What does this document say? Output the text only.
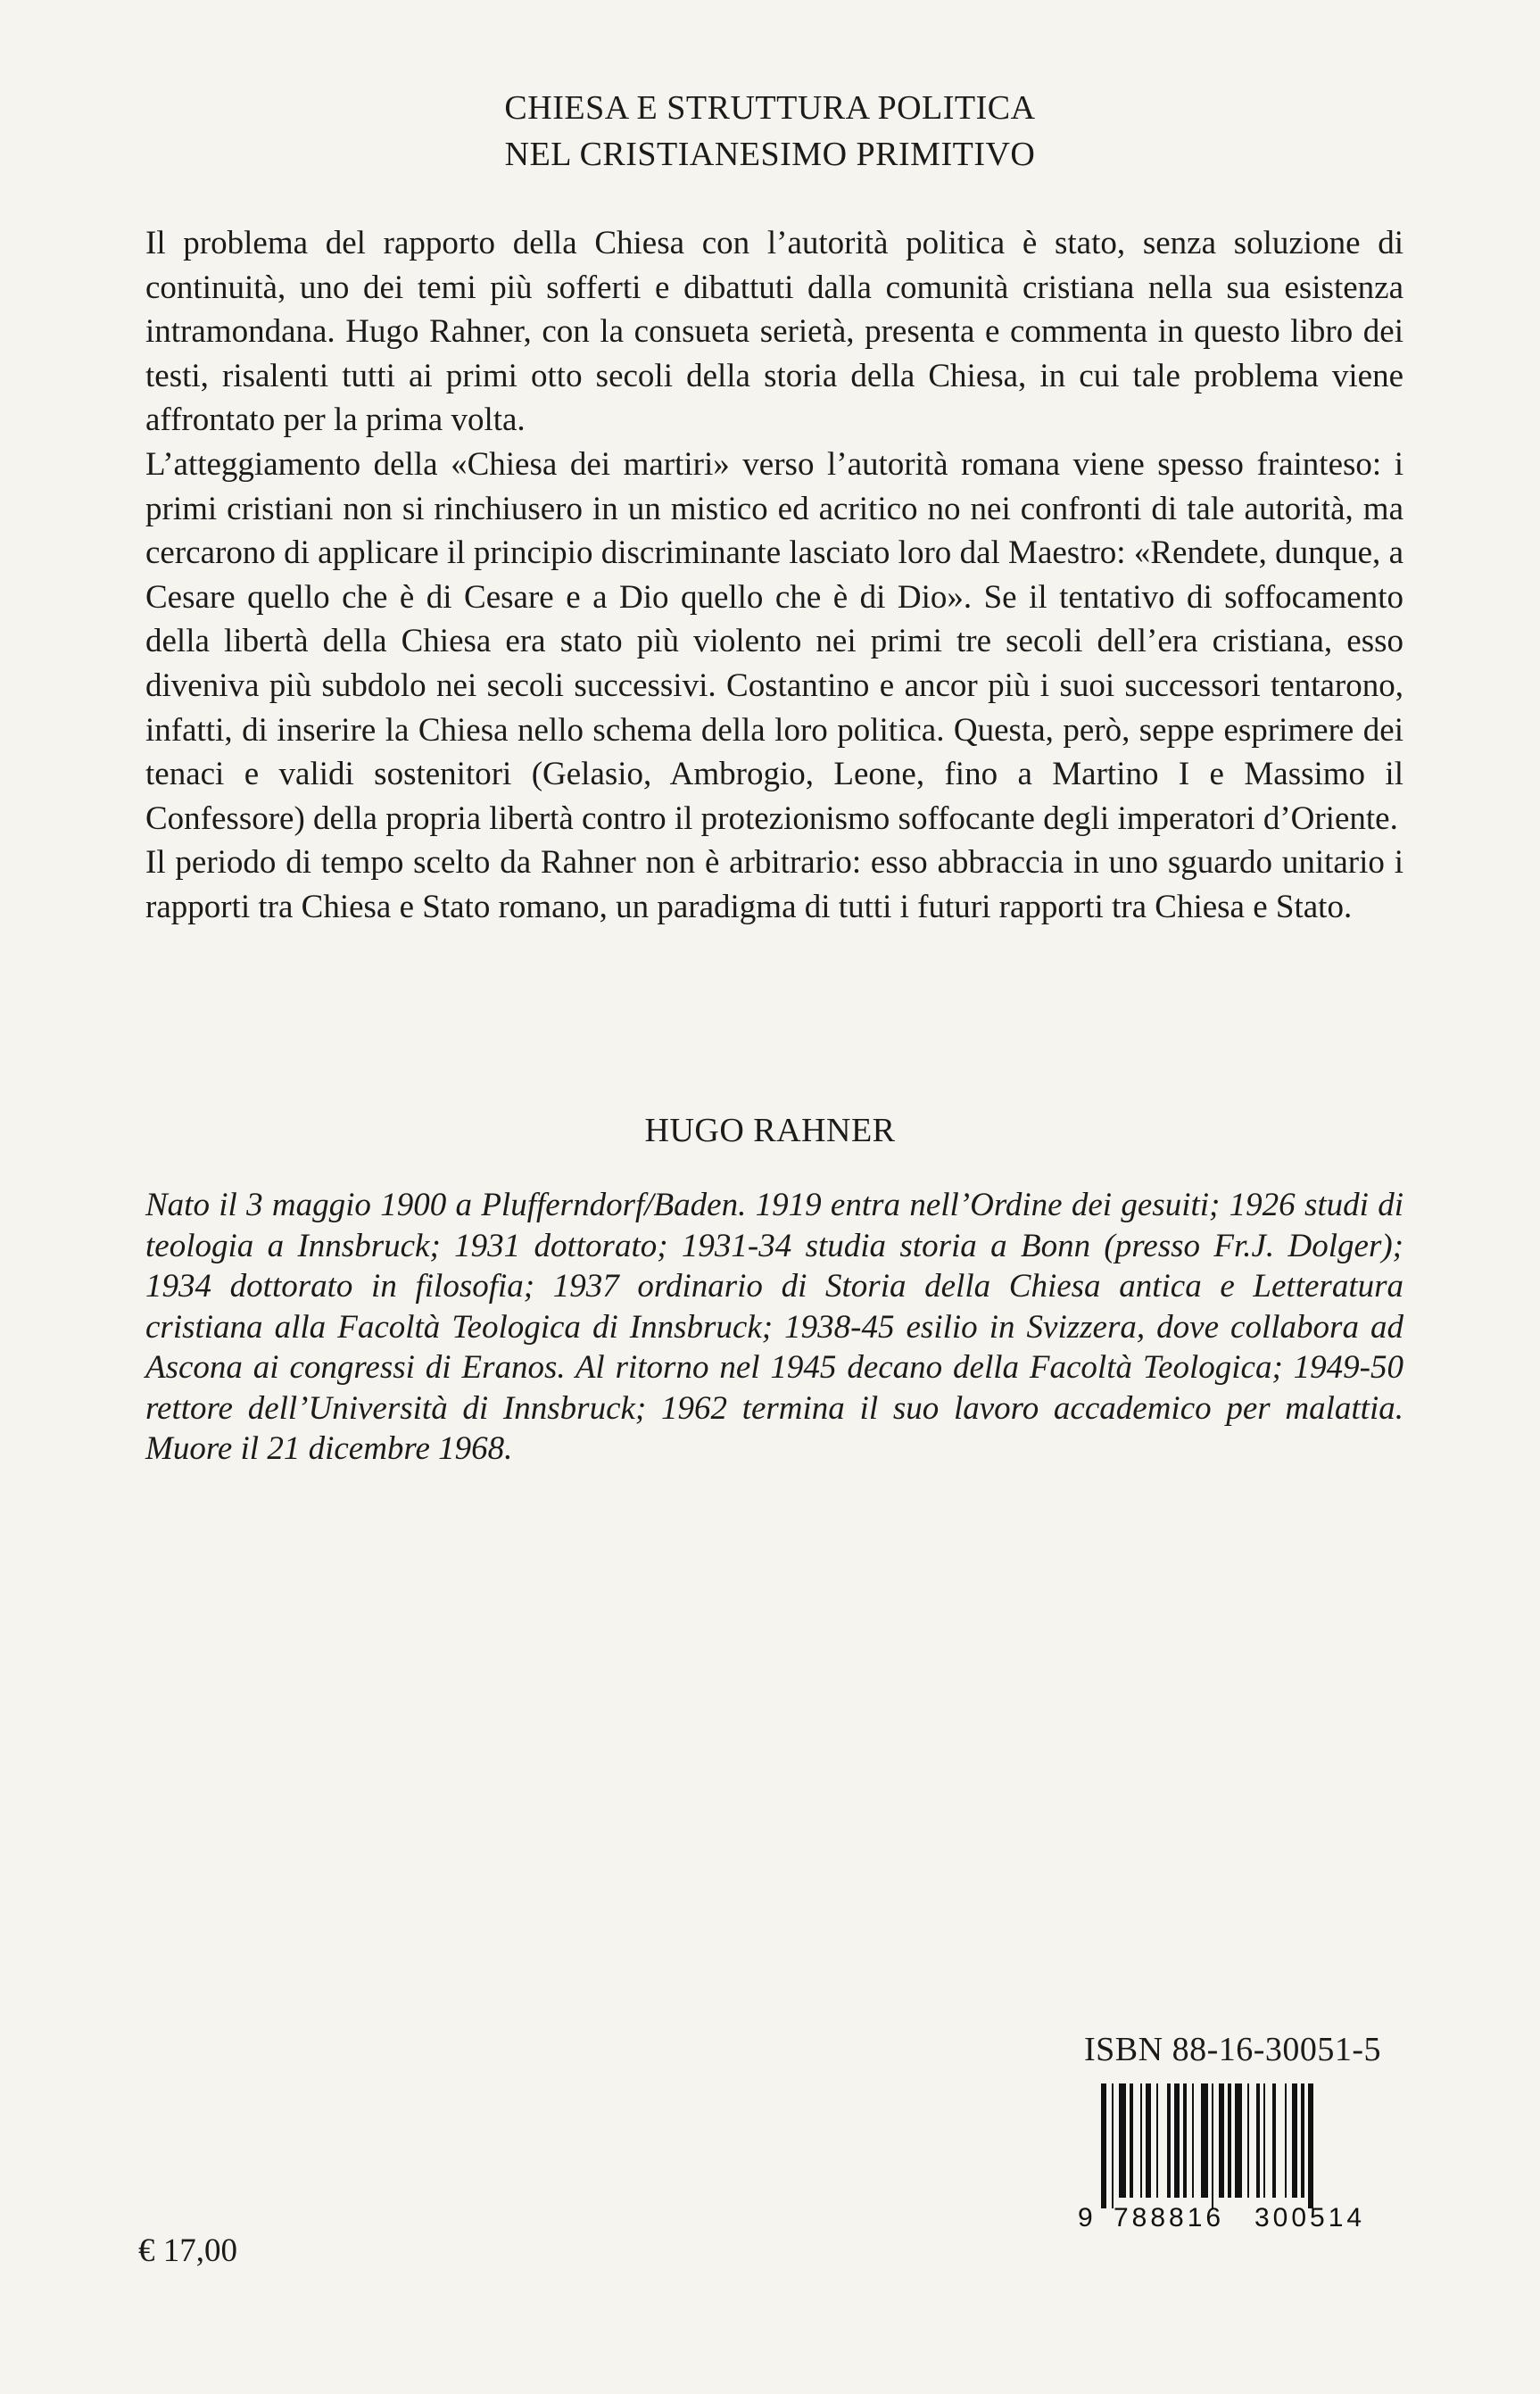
CHIESA E STRUTTURA POLITICA
NEL CRISTIANESIMO PRIMITIVO

Il problema del rapporto della Chiesa con l’autorità politica è stato, senza soluzione di continuità, uno dei temi più sofferti e dibattuti dalla comunità cristiana nella sua esistenza intramondana. Hugo Rahner, con la consueta serietà, presenta e commenta in questo libro dei testi, risalenti tutti ai primi otto secoli della storia della Chiesa, in cui tale problema viene affrontato per la prima volta.

L’atteggiamento della «Chiesa dei martiri» verso l’autorità romana viene spesso frainteso: i primi cristiani non si rinchiusero in un mistico ed acritico no nei confronti di tale autorità, ma cercarono di applicare il principio discriminante lasciato loro dal Maestro: «Rendete, dunque, a Cesare quello che è di Cesare e a Dio quello che è di Dio». Se il tentativo di soffocamento della libertà della Chiesa era stato più violento nei primi tre secoli dell’era cristiana, esso diveniva più subdolo nei secoli successivi. Costantino e ancor più i suoi successori tentarono, infatti, di inserire la Chiesa nello schema della loro politica. Questa, però, seppe esprimere dei tenaci e validi sostenitori (Gelasio, Ambrogio, Leone, fino a Martino I e Massimo il Confessore) della propria libertà contro il protezionismo soffocante degli imperatori d’Oriente.

Il periodo di tempo scelto da Rahner non è arbitrario: esso abbraccia in uno sguardo unitario i rapporti tra Chiesa e Stato romano, un paradigma di tutti i futuri rapporti tra Chiesa e Stato.

HUGO RAHNER

Nato il 3 maggio 1900 a Plufferndorf/Baden. 1919 entra nell’Ordine dei gesuiti; 1926 studi di teologia a Innsbruck; 1931 dottorato; 1931-34 studia storia a Bonn (presso Fr.J. Dolger); 1934 dottorato in filosofia; 1937 ordinario di Storia della Chiesa antica e Letteratura cristiana alla Facoltà Teologica di Innsbruck; 1938-45 esilio in Svizzera, dove collabora ad Ascona ai congressi di Eranos. Al ritorno nel 1945 decano della Facoltà Teologica; 1949-50 rettore dell’Università di Innsbruck; 1962 termina il suo lavoro accademico per malattia. Muore il 21 dicembre 1968.

ISBN 88-16-30051-5
9 788816 300514
€ 17,00
